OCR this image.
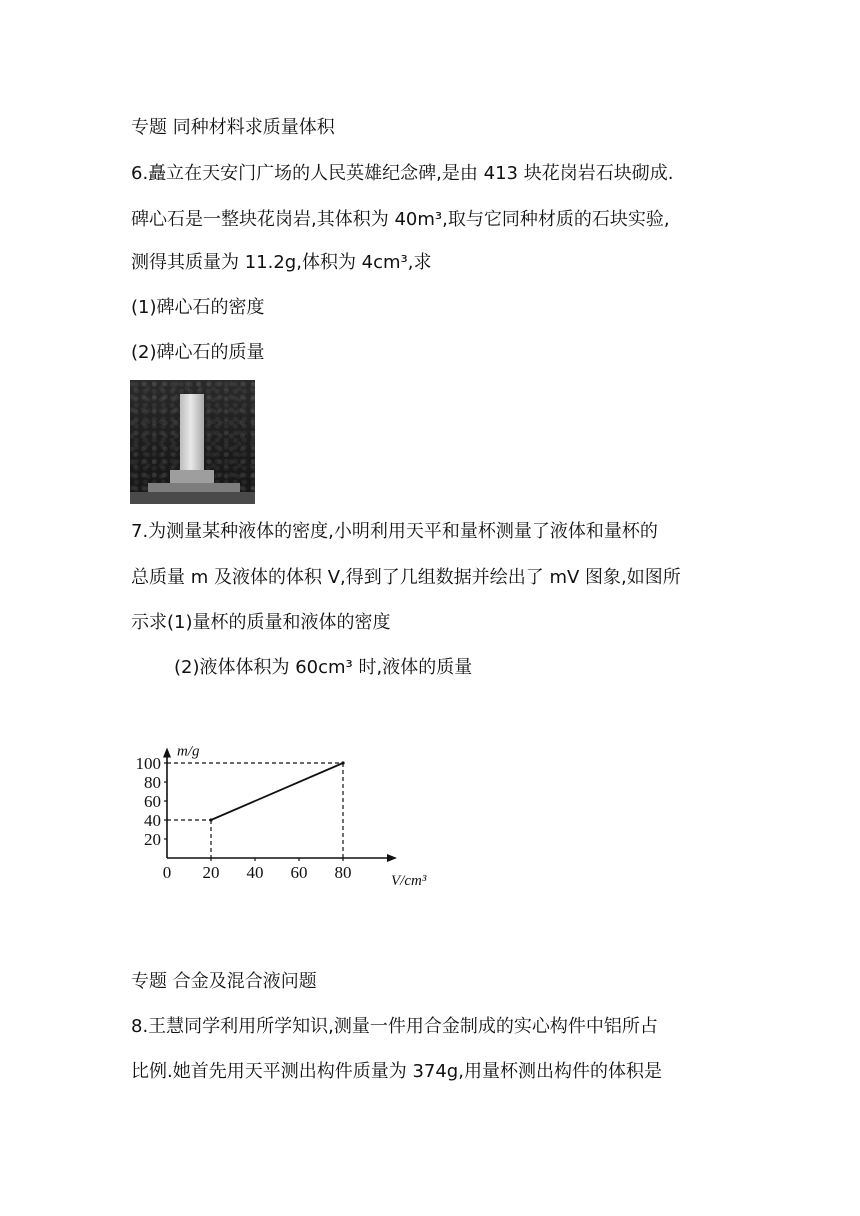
专题 同种材料求质量体积
6.矗立在天安门广场的人民英雄纪念碑,是由 413 块花岗岩石块砌成.
碑心石是一整块花岗岩,其体积为 40m³,取与它同种材质的石块实验,
测得其质量为 11.2g,体积为 4cm³,求
(1)碑心石的密度
(2)碑心石的质量
7.为测量某种液体的密度,小明利用天平和量杯测量了液体和量杯的
总质量 m 及液体的体积 V,得到了几组数据并绘出了 mV 图象,如图所
示求(1)量杯的质量和液体的密度
(2)液体体积为 60cm³ 时,液体的质量
20
40
60
80
100
20 40 60 80
0
m/g
V/cm³
专题 合金及混合液问题
8.王慧同学利用所学知识,测量一件用合金制成的实心构件中铝所占
比例.她首先用天平测出构件质量为 374g,用量杯测出构件的体积是
